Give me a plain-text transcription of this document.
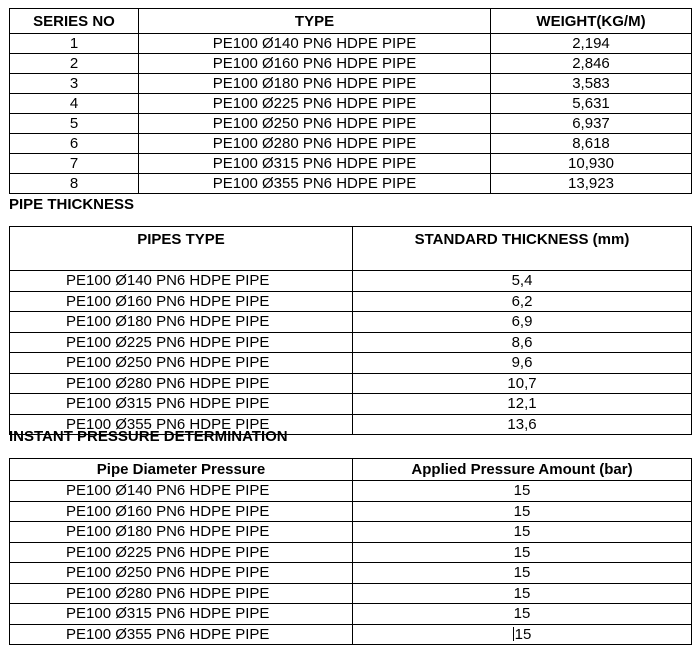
SERIES NO	TYPE	WEIGHT(KG/M)
1	PE100 Ø140 PN6 HDPE PIPE	2,194
2	PE100 Ø160 PN6 HDPE PIPE	2,846
3	PE100 Ø180 PN6 HDPE PIPE	3,583
4	PE100 Ø225 PN6 HDPE PIPE	5,631
5	PE100 Ø250 PN6 HDPE PIPE	6,937
6	PE100 Ø280 PN6 HDPE PIPE	8,618
7	PE100 Ø315 PN6 HDPE PIPE	10,930
8	PE100 Ø355 PN6 HDPE PIPE	13,923
PIPE THICKNESS
PIPES TYPE	STANDARD THICKNESS (mm)
PE100 Ø140 PN6 HDPE PIPE	5,4
PE100 Ø160 PN6 HDPE PIPE	6,2
PE100 Ø180 PN6 HDPE PIPE	6,9
PE100 Ø225 PN6 HDPE PIPE	8,6
PE100 Ø250 PN6 HDPE PIPE	9,6
PE100 Ø280 PN6 HDPE PIPE	10,7
PE100 Ø315 PN6 HDPE PIPE	12,1
PE100 Ø355 PN6 HDPE PIPE	13,6
INSTANT PRESSURE DETERMINATION
Pipe Diameter Pressure	Applied Pressure Amount (bar)
PE100 Ø140 PN6 HDPE PIPE	15
PE100 Ø160 PN6 HDPE PIPE	15
PE100 Ø180 PN6 HDPE PIPE	15
PE100 Ø225 PN6 HDPE PIPE	15
PE100 Ø250 PN6 HDPE PIPE	15
PE100 Ø280 PN6 HDPE PIPE	15
PE100 Ø315 PN6 HDPE PIPE	15
PE100 Ø355 PN6 HDPE PIPE	15
